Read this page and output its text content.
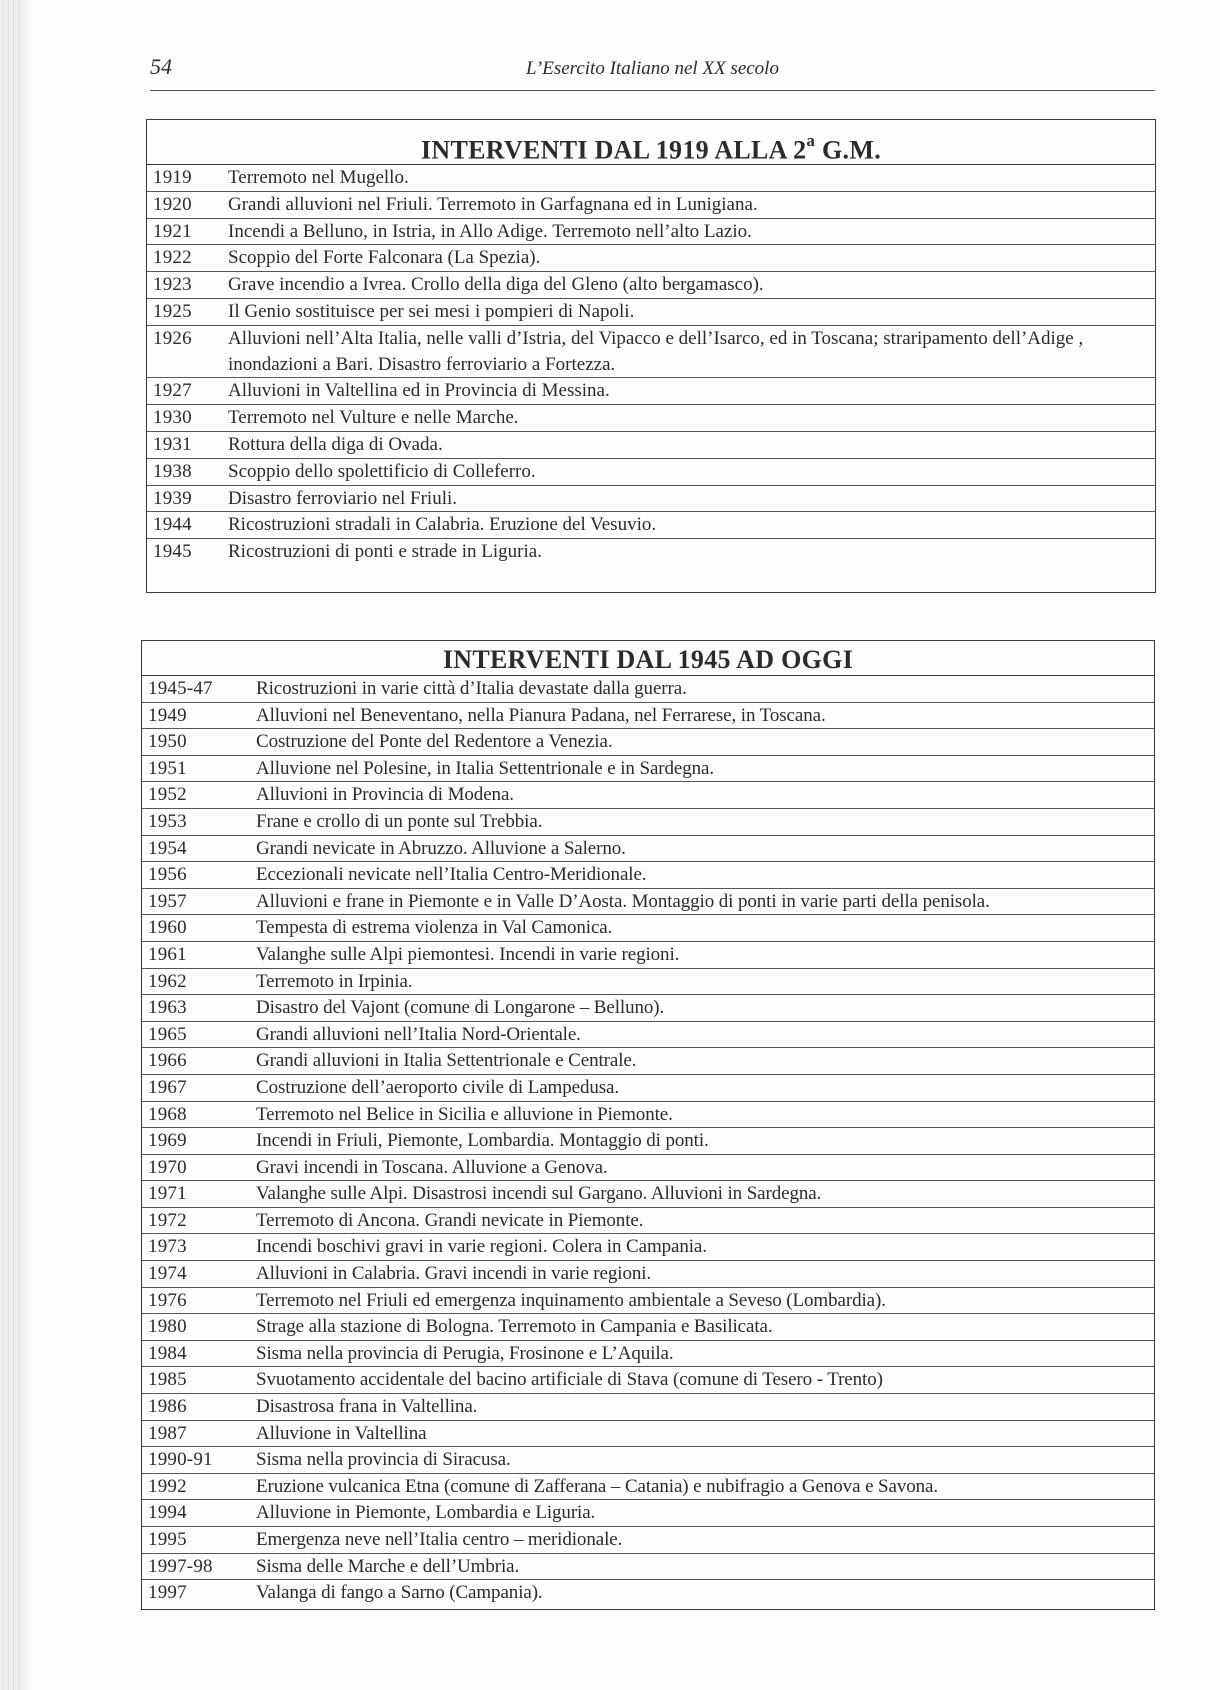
54	L’Esercito Italiano nel XX secolo
INTERVENTI DAL 1919 ALLA 2$^a$ G.M.
1919	Terremoto nel Mugello.
1920	Grandi alluvioni nel Friuli. Terremoto in Garfagnana ed in Lunigiana.
1921	Incendi a Belluno, in Istria, in Allo Adige. Terremoto nell’alto Lazio.
1922	Scoppio del Forte Falconara (La Spezia).
1923	Grave incendio a Ivrea. Crollo della diga del Gleno (alto bergamasco).
1925	Il Genio sostituisce per sei mesi i pompieri di Napoli.
1926	Alluvioni nell’Alta Italia, nelle valli d’Istria, del Vipacco e dell’Isarco, ed in Toscana; straripamento dell’Adige , inondazioni a Bari. Disastro ferroviario a Fortezza.
1927	Alluvioni in Valtellina ed in Provincia di Messina.
1930	Terremoto nel Vulture e nelle Marche.
1931	Rottura della diga di Ovada.
1938	Scoppio dello spolettificio di Colleferro.
1939	Disastro ferroviario nel Friuli.
1944	Ricostruzioni stradali in Calabria. Eruzione del Vesuvio.
1945	Ricostruzioni di ponti e strade in Liguria.
INTERVENTI DAL 1945 AD OGGI
1945-47	Ricostruzioni in varie città d’Italia devastate dalla guerra.
1949	Alluvioni nel Beneventano, nella Pianura Padana, nel Ferrarese, in Toscana.
1950	Costruzione del Ponte del Redentore a Venezia.
1951	Alluvione nel Polesine, in Italia Settentrionale e in Sardegna.
1952	Alluvioni in Provincia di Modena.
1953	Frane e crollo di un ponte sul Trebbia.
1954	Grandi nevicate in Abruzzo. Alluvione a Salerno.
1956	Eccezionali nevicate nell’Italia Centro-Meridionale.
1957	Alluvioni e frane in Piemonte e in Valle D’Aosta. Montaggio di ponti in varie parti della penisola.
1960	Tempesta di estrema violenza in Val Camonica.
1961	Valanghe sulle Alpi piemontesi. Incendi in varie regioni.
1962	Terremoto in Irpinia.
1963	Disastro del Vajont (comune di Longarone – Belluno).
1965	Grandi alluvioni nell’Italia Nord-Orientale.
1966	Grandi alluvioni in Italia Settentrionale e Centrale.
1967	Costruzione dell’aeroporto civile di Lampedusa.
1968	Terremoto nel Belice in Sicilia e alluvione in Piemonte.
1969	Incendi in Friuli, Piemonte, Lombardia. Montaggio di ponti.
1970	Gravi incendi in Toscana. Alluvione a Genova.
1971	Valanghe sulle Alpi. Disastrosi incendi sul Gargano. Alluvioni in Sardegna.
1972	Terremoto di Ancona. Grandi nevicate in Piemonte.
1973	Incendi boschivi gravi in varie regioni. Colera in Campania.
1974	Alluvioni in Calabria. Gravi incendi in varie regioni.
1976	Terremoto nel Friuli ed emergenza inquinamento ambientale a Seveso (Lombardia).
1980	Strage alla stazione di Bologna. Terremoto in Campania e Basilicata.
1984	Sisma nella provincia di Perugia, Frosinone e L’Aquila.
1985	Svuotamento accidentale del bacino artificiale di Stava (comune di Tesero - Trento)
1986	Disastrosa frana in Valtellina.
1987	Alluvione in Valtellina
1990-91	Sisma nella provincia di Siracusa.
1992	Eruzione vulcanica Etna (comune di Zafferana – Catania) e nubifragio a Genova e Savona.
1994	Alluvione in Piemonte, Lombardia e Liguria.
1995	Emergenza neve nell’Italia centro – meridionale.
1997-98	Sisma delle Marche e dell’Umbria.
1997	Valanga di fango a Sarno (Campania).
